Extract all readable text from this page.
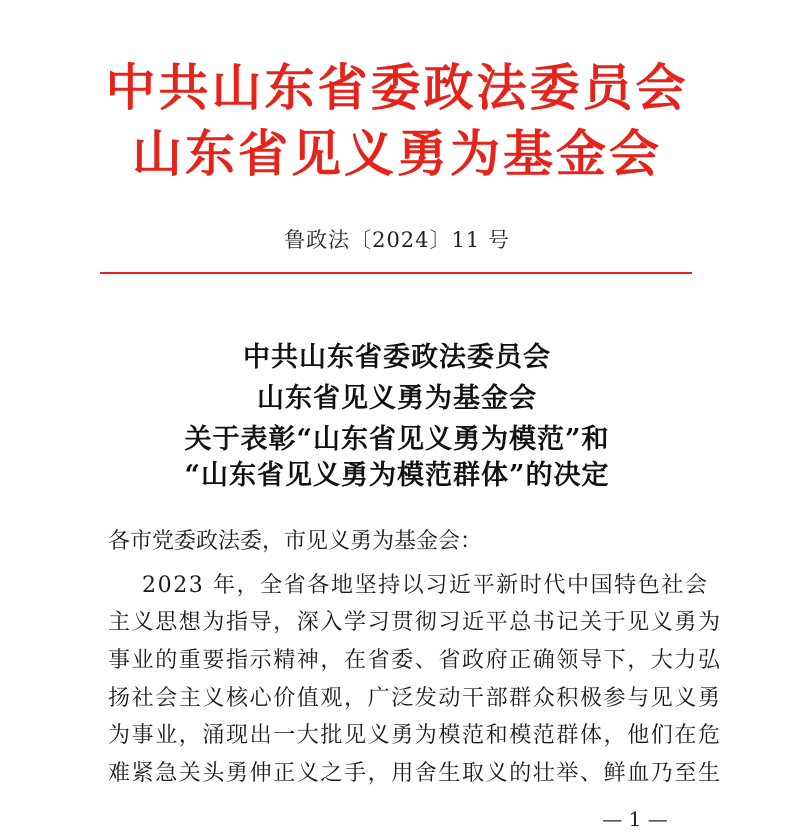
中共山东省委政法委员会
山东省见义勇为基金会
鲁政法〔2024〕11 号
中共山东省委政法委员会
山东省见义勇为基金会
关于表彰“山东省见义勇为模范”和
“山东省见义勇为模范群体”的决定
各市党委政法委，市见义勇为基金会：
2023 年，全省各地坚持以习近平新时代中国特色社会
主义思想为指导，深入学习贯彻习近平总书记关于见义勇为
事业的重要指示精神，在省委、省政府正确领导下，大力弘
扬社会主义核心价值观，广泛发动干部群众积极参与见义勇
为事业，涌现出一大批见义勇为模范和模范群体，他们在危
难紧急关头勇伸正义之手，用舍生取义的壮举、鲜血乃至生
— 1 —
